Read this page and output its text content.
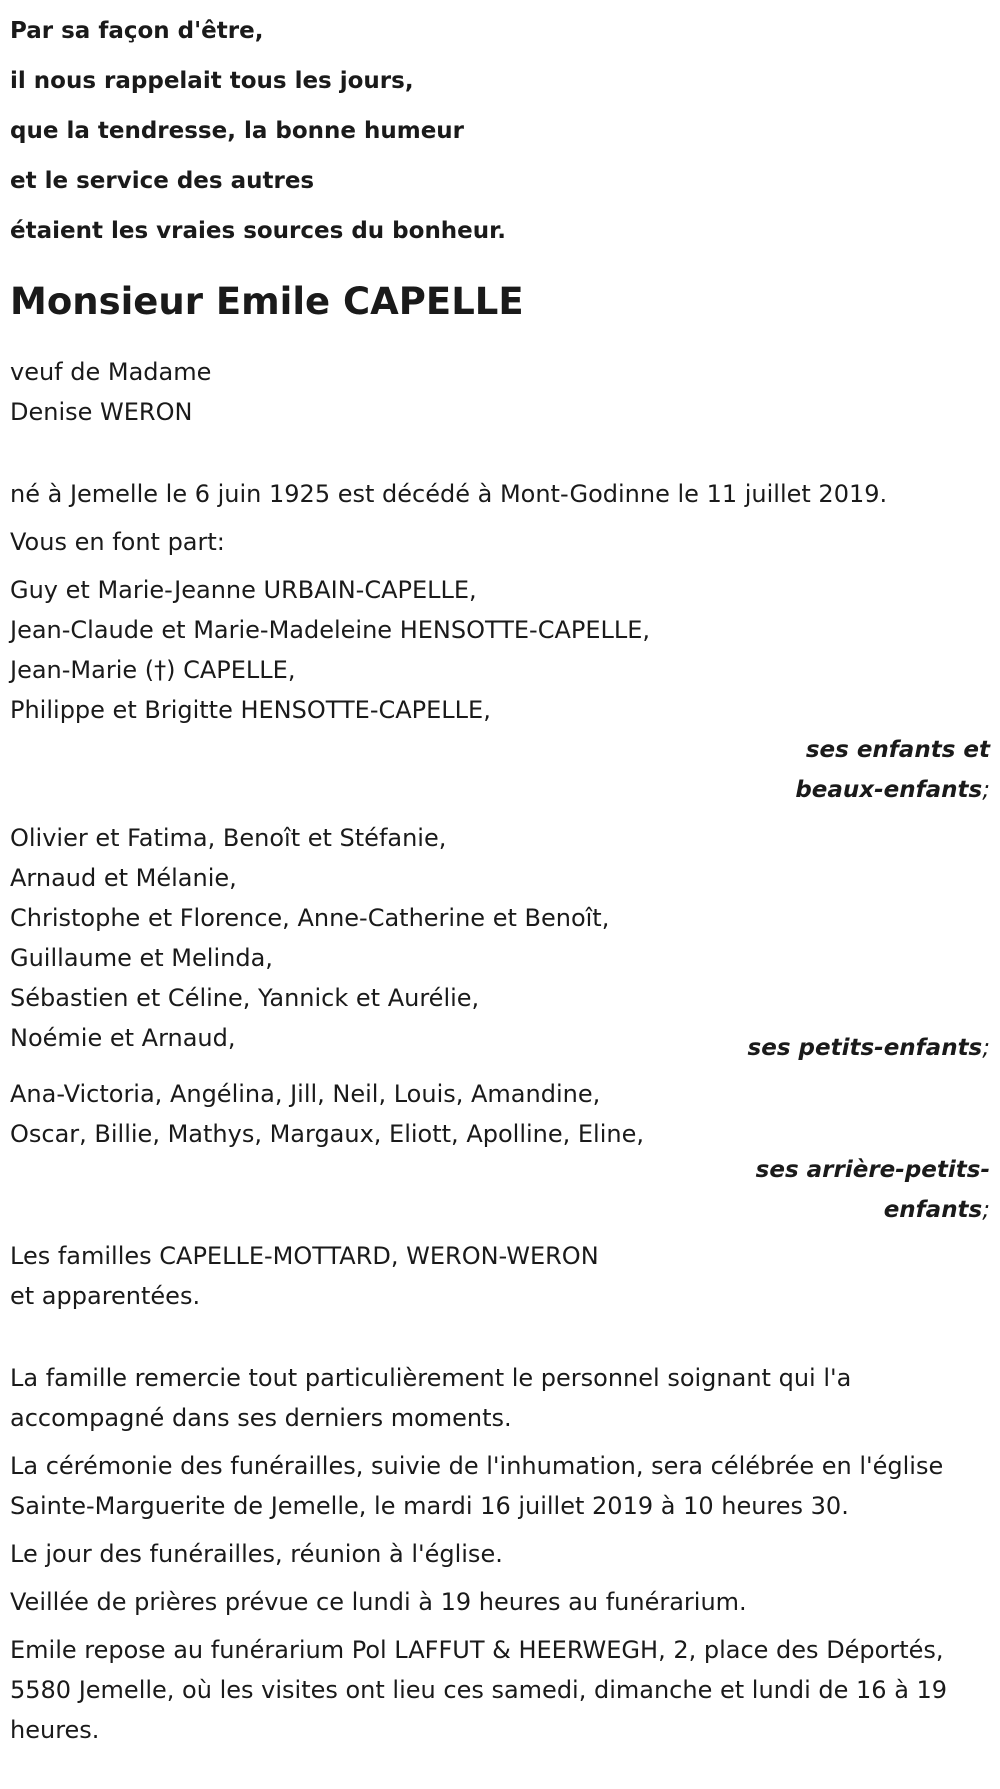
Par sa façon d'être,

il nous rappelait tous les jours,

que la tendresse, la bonne humeur

et le service des autres

étaient les vraies sources du bonheur.

Monsieur Emile CAPELLE

veuf de Madame

Denise WERON

né à Jemelle le 6 juin 1925 est décédé à Mont-Godinne le 11 juillet 2019.

Vous en font part:

Guy et Marie-Jeanne URBAIN-CAPELLE,

Jean-Claude et Marie-Madeleine HENSOTTE-CAPELLE,

Jean-Marie (†) CAPELLE,

Philippe et Brigitte HENSOTTE-CAPELLE,

ses enfants et

beaux-enfants;

Olivier et Fatima, Benoît et Stéfanie,

Arnaud et Mélanie,

Christophe et Florence, Anne-Catherine et Benoît,

Guillaume et Melinda,

Sébastien et Céline, Yannick et Aurélie,

Noémie et Arnaud,	ses petits-enfants;

Ana-Victoria, Angélina, Jill, Neil, Louis, Amandine,

Oscar, Billie, Mathys, Margaux, Eliott, Apolline, Eline,

ses arrière-petits-

enfants;

Les familles CAPELLE-MOTTARD, WERON-WERON

et apparentées.

La famille remercie tout particulièrement le personnel soignant qui l'a accompagné dans ses derniers moments.

La cérémonie des funérailles, suivie de l'inhumation, sera célébrée en l'église Sainte-Marguerite de Jemelle, le mardi 16 juillet 2019 à 10 heures 30.

Le jour des funérailles, réunion à l'église.

Veillée de prières prévue ce lundi à 19 heures au funérarium.

Emile repose au funérarium Pol LAFFUT & HEERWEGH, 2, place des Déportés, 5580 Jemelle, où les visites ont lieu ces samedi, dimanche et lundi de 16 à 19 heures.
